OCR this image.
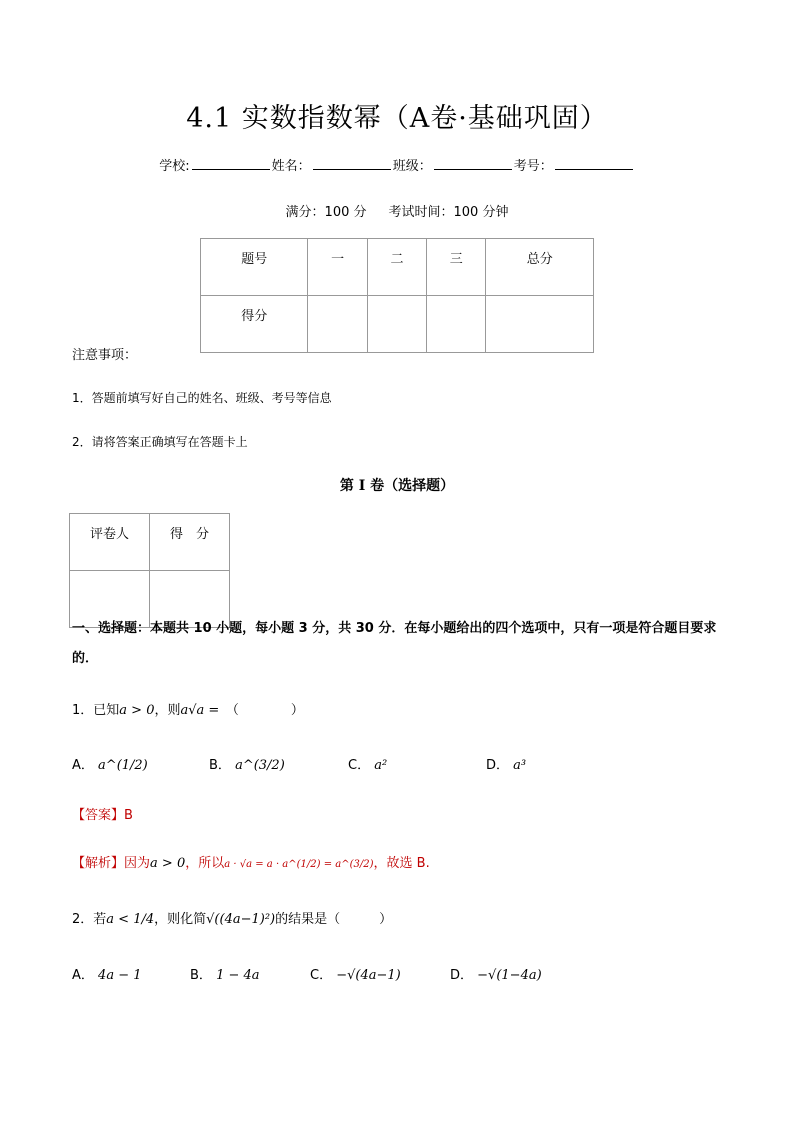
4.1 实数指数幂（A卷·基础巩固）
学校:	姓名：	班级：	考号：
满分：100 分 考试时间：100 分钟
题号	一	二	三	总分
得分				
注意事项：
1．答题前填写好自己的姓名、班级、考号等信息
2．请将答案正确填写在答题卡上
第 I 卷（选择题）
评卷人	得　分

一、选择题：本题共 10 小题，每小题 3 分，共 30 分．在每小题给出的四个选项中，只有一项是符合题目要求的．
1．已知a > 0，则a√a =　 （　　　　）
A． a^(1/2)	B． a^(3/2)	C． a²	D． a³
【答案】B
【解析】因为a > 0，所以a · √a = a · a^(1/2) = a^(3/2)，故选 B.
2．若a < 1/4，则化简√((4a−1)²)的结果是（　　　）
A． 4a − 1	B． 1 − 4a	C． −√(4a−1)	D． −√(1−4a)
